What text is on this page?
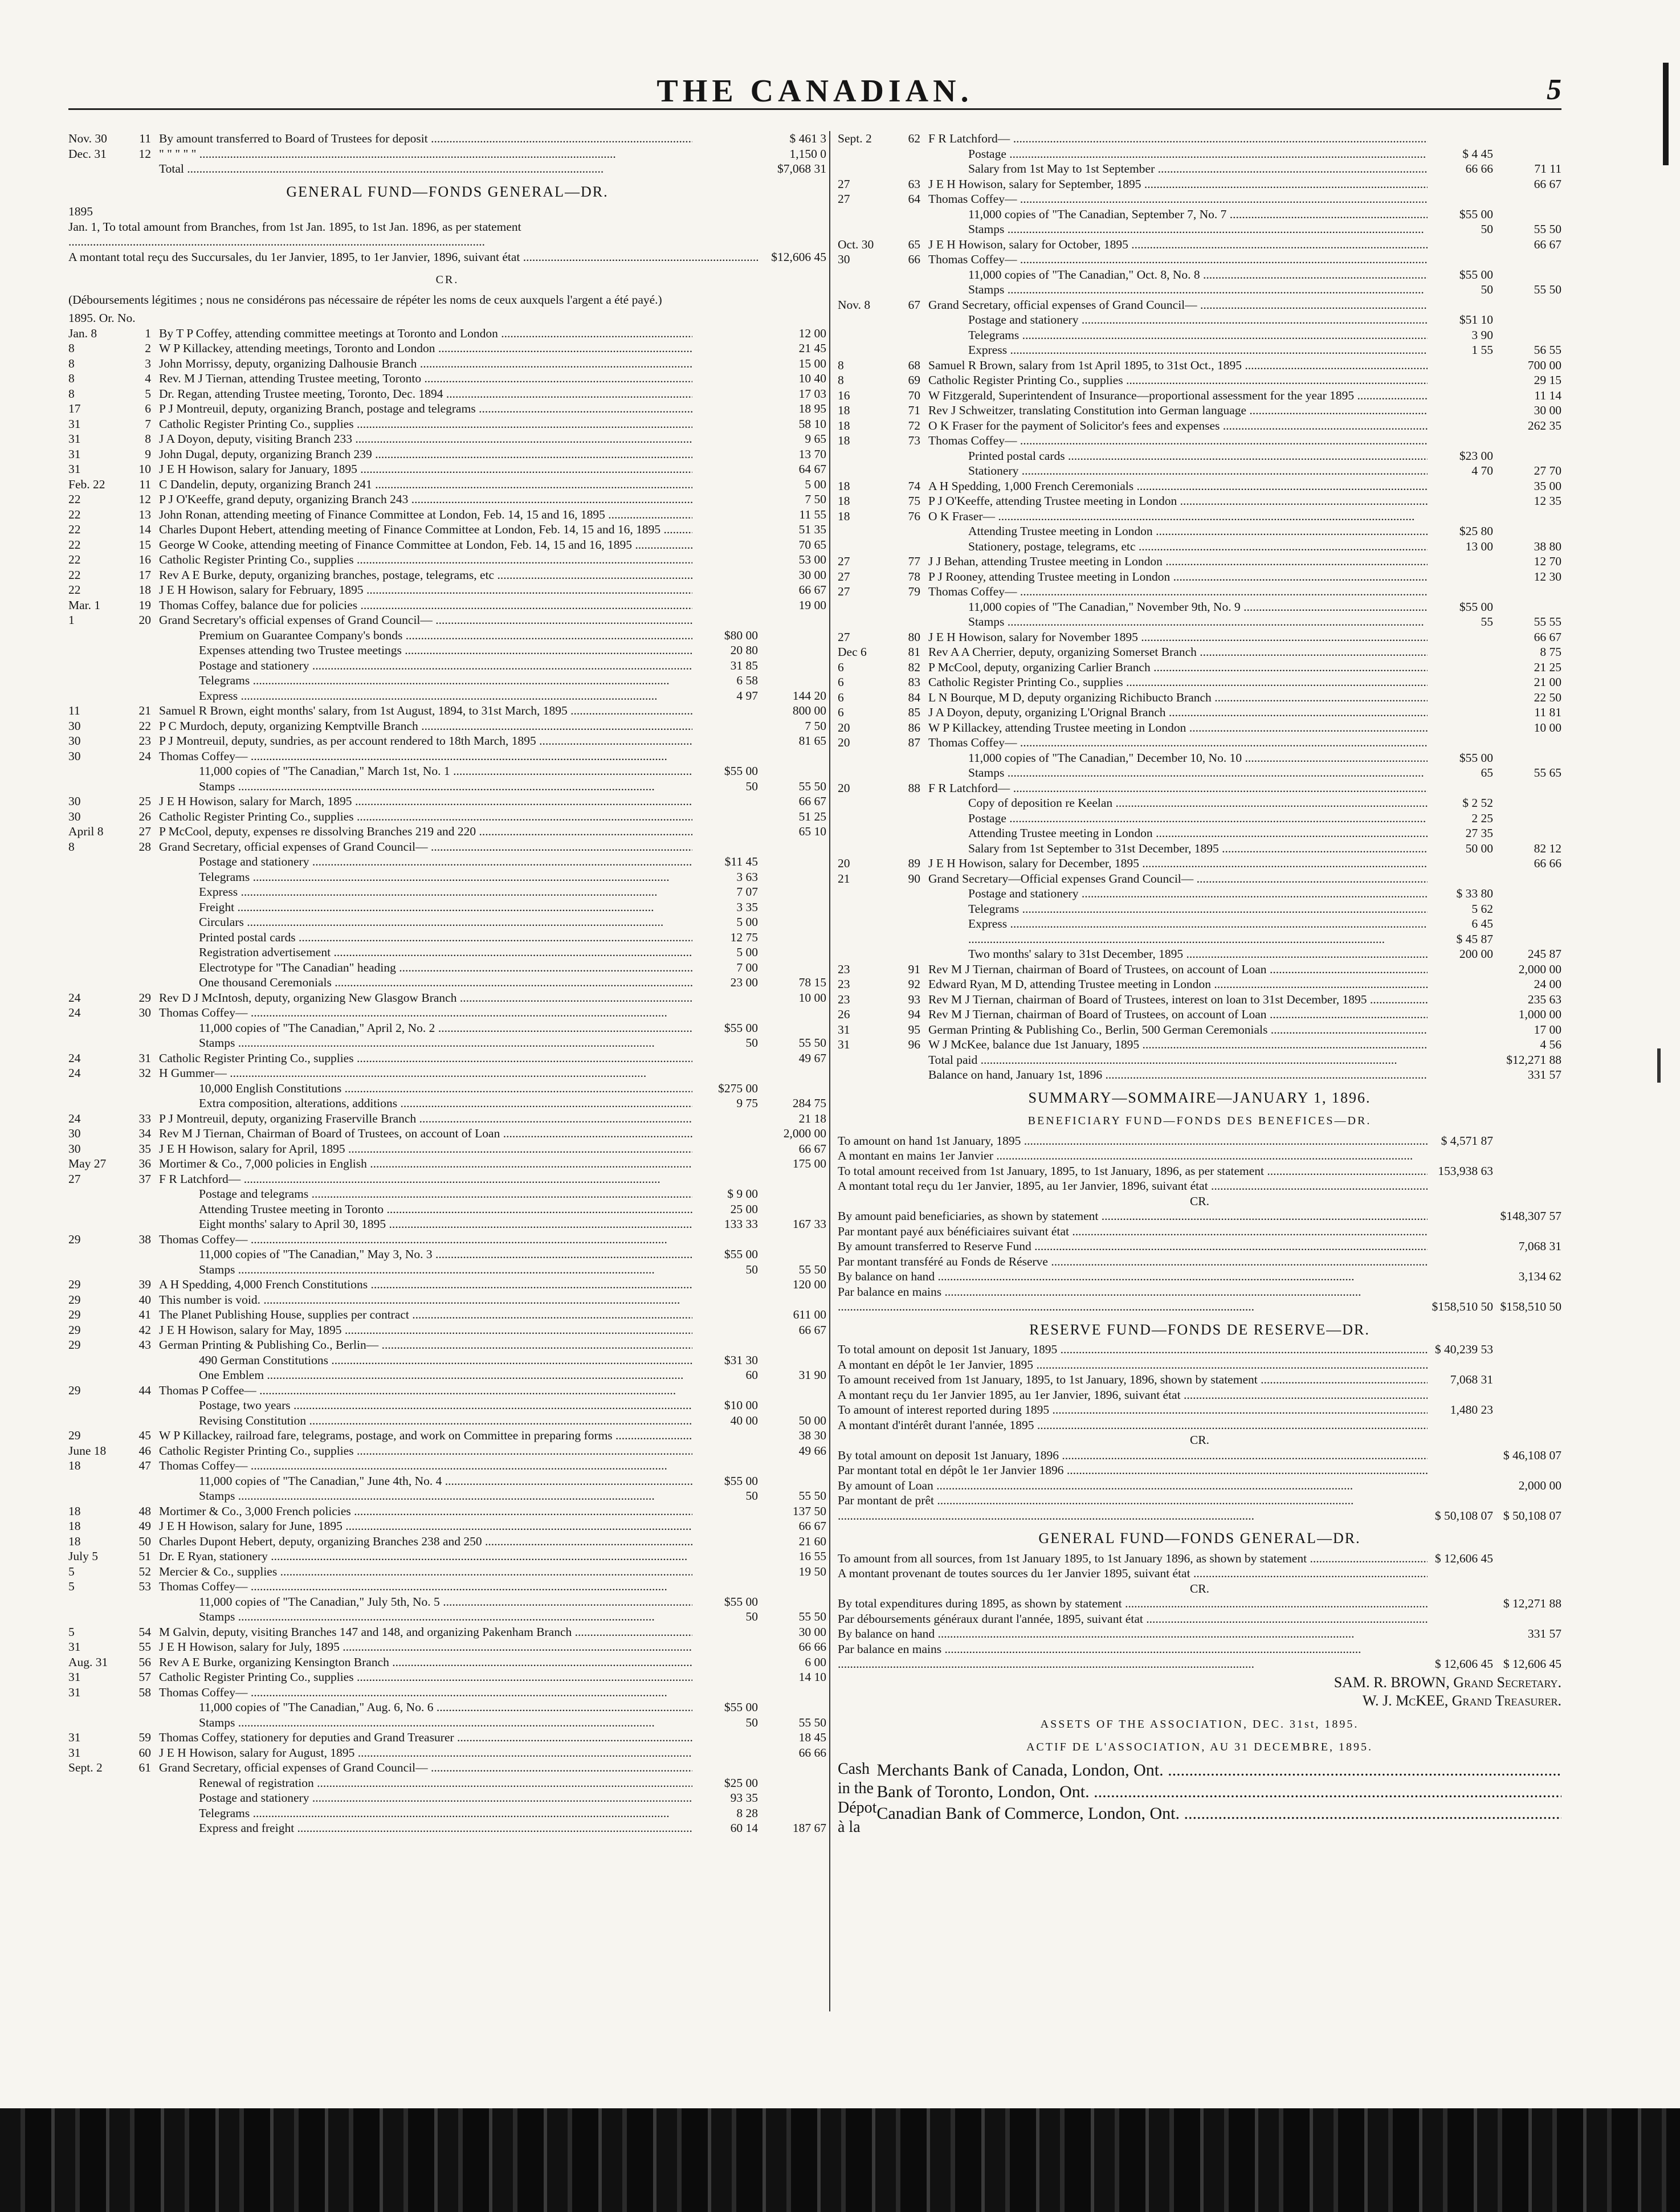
THE CANADIAN.	5
Nov. 30	11 By amount transferred to Board of Trustees for deposit .....	$ 461 3
Dec. 31	12 " " " " " .....	1,150 0
Total .....	$7,068 31
GENERAL FUND—FONDS GENERAL—DR.
1895
Jan. 1, To total amount from Branches, from 1st Jan. 1895, to 1st Jan. 1896, as per statement .....
A montant total reçu des Succursales, du 1er Janvier, 1895, to 1er Janvier, 1896, suivant état .....	$12,606 45
CR.
(Déboursements légitimes ; nous ne considérons pas nécessaire de répéter les noms de ceux auxquels l'argent a été payé.)
1895. Or. No.
Jan. 8	1 By T P Coffey, attending committee meetings at Toronto and London .....	12 00
8	2 W P Killackey, attending meetings, Toronto and London .....	21 45
8	3 John Morrissy, deputy, organizing Dalhousie Branch .....	15 00
8	4 Rev. M J Tiernan, attending Trustee meeting, Toronto .....	10 40
8	5 Dr. Regan, attending Trustee meeting, Toronto, Dec. 1894 .....	17 03
17	6 P J Montreuil, deputy, organizing Branch, postage and telegrams .....	18 95
31	7 Catholic Register Printing Co., supplies .....	58 10
31	8 J A Doyon, deputy, visiting Branch 233 .....	9 65
31	9 John Dugal, deputy, organizing Branch 239 .....	13 70
31	10 J E H Howison, salary for January, 1895 .....	64 67
Feb. 22	11 C Dandelin, deputy, organizing Branch 241 .....	5 00
22	12 P J O'Keeffe, grand deputy, organizing Branch 243 .....	7 50
22	13 John Ronan, attending meeting of Finance Committee at London, Feb. 14, 15 and 16, 1895 .....	11 55
22	14 Charles Dupont Hebert, attending meeting of Finance Committee at London, Feb. 14, 15 and 16, 1895 .....	51 35
22	15 George W Cooke, attending meeting of Finance Committee at London, Feb. 14, 15 and 16, 1895 .....	70 65
22	16 Catholic Register Printing Co., supplies .....	53 00
22	17 Rev A E Burke, deputy, organizing branches, postage, telegrams, etc .....	30 00
22	18 J E H Howison, salary for February, 1895 .....	66 67
Mar. 1	19 Thomas Coffey, balance due for policies .....	19 00
1	20 Grand Secretary's official expenses of Grand Council— .....
Premium on Guarantee Company's bonds .....	$80 00
Expenses attending two Trustee meetings .....	20 80
Postage and stationery .....	31 85
Telegrams .....	6 58
Express .....	4 97	144 20
11	21 Samuel R Brown, eight months' salary, from 1st August, 1894, to 31st March, 1895 .....	800 00
30	22 P C Murdoch, deputy, organizing Kemptville Branch .....	7 50
30	23 P J Montreuil, deputy, sundries, as per account rendered to 18th March, 1895 .....	81 65
30	24 Thomas Coffey— .....
11,000 copies of "The Canadian," March 1st, No. 1 .....	$55 00
Stamps .....	50	55 50
30	25 J E H Howison, salary for March, 1895 .....	66 67
30	26 Catholic Register Printing Co., supplies .....	51 25
April 8	27 P McCool, deputy, expenses re dissolving Branches 219 and 220 .....	65 10
8	28 Grand Secretary, official expenses of Grand Council— .....
Postage and stationery .....	$11 45
Telegrams .....	3 63
Express .....	7 07
Freight .....	3 35
Circulars .....	5 00
Printed postal cards .....	12 75
Registration advertisement .....	5 00
Electrotype for "The Canadian" heading .....	7 00
One thousand Ceremonials .....	23 00	78 15
24	29 Rev D J McIntosh, deputy, organizing New Glasgow Branch .....	10 00
24	30 Thomas Coffey— .....
11,000 copies of "The Canadian," April 2, No. 2 .....	$55 00
Stamps .....	50	55 50
24	31 Catholic Register Printing Co., supplies .....	49 67
24	32 H Gummer— .....
10,000 English Constitutions .....	$275 00
Extra composition, alterations, additions .....	9 75	284 75
24	33 P J Montreuil, deputy, organizing Fraserville Branch .....	21 18
30	34 Rev M J Tiernan, Chairman of Board of Trustees, on account of Loan .....	2,000 00
30	35 J E H Howison, salary for April, 1895 .....	66 67
May 27	36 Mortimer & Co., 7,000 policies in English .....	175 00
27	37 F R Latchford— .....
Postage and telegrams .....	$ 9 00
Attending Trustee meeting in Toronto .....	25 00
Eight months' salary to April 30, 1895 .....	133 33	167 33
29	38 Thomas Coffey— .....
11,000 copies of "The Canadian," May 3, No. 3 .....	$55 00
Stamps .....	50	55 50
29	39 A H Spedding, 4,000 French Constitutions .....	120 00
29	40 This number is void. .....
29	41 The Planet Publishing House, supplies per contract .....	611 00
29	42 J E H Howison, salary for May, 1895 .....	66 67
29	43 German Printing & Publishing Co., Berlin— .....
490 German Constitutions .....	$31 30
One Emblem .....	60	31 90
29	44 Thomas P Coffee— .....
Postage, two years .....	$10 00
Revising Constitution .....	40 00	50 00
29	45 W P Killackey, railroad fare, telegrams, postage, and work on Committee in preparing forms .....	38 30
June 18	46 Catholic Register Printing Co., supplies .....	49 66
18	47 Thomas Coffey— .....
11,000 copies of "The Canadian," June 4th, No. 4 .....	$55 00
Stamps .....	50	55 50
18	48 Mortimer & Co., 3,000 French policies .....	137 50
18	49 J E H Howison, salary for June, 1895 .....	66 67
18	50 Charles Dupont Hebert, deputy, organizing Branches 238 and 250 .....	21 60
July 5	51 Dr. E Ryan, stationery .....	16 55
5	52 Mercier & Co., supplies .....	19 50
5	53 Thomas Coffey— .....
11,000 copies of "The Canadian," July 5th, No. 5 .....	$55 00
Stamps .....	50	55 50
5	54 M Galvin, deputy, visiting Branches 147 and 148, and organizing Pakenham Branch .....	30 00
31	55 J E H Howison, salary for July, 1895 .....	66 66
Aug. 31	56 Rev A E Burke, organizing Kensington Branch .....	6 00
31	57 Catholic Register Printing Co., supplies .....	14 10
31	58 Thomas Coffey— .....
11,000 copies of "The Canadian," Aug. 6, No. 6 .....	$55 00
Stamps .....	50	55 50
31	59 Thomas Coffey, stationery for deputies and Grand Treasurer .....	18 45
31	60 J E H Howison, salary for August, 1895 .....	66 66
Sept. 2	61 Grand Secretary, official expenses of Grand Council— .....
Renewal of registration .....	$25 00
Postage and stationery .....	93 35
Telegrams .....	8 28
Express and freight .....	60 14	187 67
Sept. 2	62 F R Latchford— .....
Postage .....	$ 4 45
Salary from 1st May to 1st September .....	66 66	71 11
27	63 J E H Howison, salary for September, 1895 .....	66 67
27	64 Thomas Coffey— .....
11,000 copies of "The Canadian, September 7, No. 7 .....	$55 00
Stamps .....	50	55 50
Oct. 30	65 J E H Howison, salary for October, 1895 .....	66 67
30	66 Thomas Coffey— .....
11,000 copies of "The Canadian," Oct. 8, No. 8 .....	$55 00
Stamps .....	50	55 50
Nov. 8	67 Grand Secretary, official expenses of Grand Council— .....
Postage and stationery .....	$51 10
Telegrams .....	3 90
Express .....	1 55	56 55
8	68 Samuel R Brown, salary from 1st April 1895, to 31st Oct., 1895 .....	700 00
8	69 Catholic Register Printing Co., supplies .....	29 15
16	70 W Fitzgerald, Superintendent of Insurance—proportional assessment for the year 1895 .....	11 14
18	71 Rev J Schweitzer, translating Constitution into German language .....	30 00
18	72 O K Fraser for the payment of Solicitor's fees and expenses .....	262 35
18	73 Thomas Coffey— .....
Printed postal cards .....	$23 00
Stationery .....	4 70	27 70
18	74 A H Spedding, 1,000 French Ceremonials .....	35 00
18	75 P J O'Keeffe, attending Trustee meeting in London .....	12 35
18	76 O K Fraser— .....
Attending Trustee meeting in London .....	$25 80
Stationery, postage, telegrams, etc .....	13 00	38 80
27	77 J J Behan, attending Trustee meeting in London .....	12 70
27	78 P J Rooney, attending Trustee meeting in London .....	12 30
27	79 Thomas Coffey— .....
11,000 copies of "The Canadian," November 9th, No. 9 .....	$55 00
Stamps .....	55	55 55
27	80 J E H Howison, salary for November 1895 .....	66 67
Dec 6	81 Rev A A Cherrier, deputy, organizing Somerset Branch .....	8 75
6	82 P McCool, deputy, organizing Carlier Branch .....	21 25
6	83 Catholic Register Printing Co., supplies .....	21 00
6	84 L N Bourque, M D, deputy organizing Richibucto Branch .....	22 50
6	85 J A Doyon, deputy, organizing L'Orignal Branch .....	11 81
20	86 W P Killackey, attending Trustee meeting in London .....	10 00
20	87 Thomas Coffey— .....
11,000 copies of "The Canadian," December 10, No. 10 .....	$55 00
Stamps .....	65	55 65
20	88 F R Latchford— .....
Copy of deposition re Keelan .....	$ 2 52
Postage .....	2 25
Attending Trustee meeting in London .....	27 35
Salary from 1st September to 31st December, 1895 .....	50 00	82 12
20	89 J E H Howison, salary for December, 1895 .....	66 66
21	90 Grand Secretary—Official expenses Grand Council— .....
Postage and stationery .....	$ 33 80
Telegrams .....	5 62
Express .....	6 45
.....
$ 45 87
Two months' salary to 31st December, 1895 .....	200 00	245 87
23	91 Rev M J Tiernan, chairman of Board of Trustees, on account of Loan .....	2,000 00
23	92 Edward Ryan, M D, attending Trustee meeting in London .....	24 00
23	93 Rev M J Tiernan, chairman of Board of Trustees, interest on loan to 31st December, 1895 .....	235 63
26	94 Rev M J Tiernan, chairman of Board of Trustees, on account of Loan .....	1,000 00
31	95 German Printing & Publishing Co., Berlin, 500 German Ceremonials .....	17 00
31	96 W J McKee, balance due 1st January, 1895 .....	4 56
Total paid .....	$12,271 88
Balance on hand, January 1st, 1896 .....	331 57
SUMMARY—SOMMAIRE—JANUARY 1, 1896.
BENEFICIARY FUND—FONDS DES BENEFICES—DR.
To amount on hand 1st January, 1895 .....	$ 4,571 87
A montant en mains 1er Janvier .....
To total amount received from 1st January, 1895, to 1st January, 1896, as per statement .....	153,938 63
A montant total reçu du 1er Janvier, 1895, au 1er Janvier, 1896, suivant état .....
CR.
By amount paid beneficiaries, as shown by statement .....	$148,307 57
Par montant payé aux bénéficiaires suivant état .....
By amount transferred to Reserve Fund .....	7,068 31
Par montant transféré au Fonds de Réserve .....
By balance on hand .....	3,134 62
Par balance en mains .....
.....
$158,510 50 $158,510 50
RESERVE FUND—FONDS DE RESERVE—DR.
To total amount on deposit 1st January, 1895 .....	$ 40,239 53
A montant en dépôt le 1er Janvier, 1895 .....
To amount received from 1st January, 1895, to 1st January, 1896, shown by statement .....	7,068 31
A montant reçu du 1er Janvier 1895, au 1er Janvier, 1896, suivant état .....
To amount of interest reported during 1895 .....	1,480 23
A montant d'intérêt durant l'année, 1895 .....
CR.
By total amount on deposit 1st January, 1896 .....	$ 46,108 07
Par montant total en dépôt le 1er Janvier 1896 .....
By amount of Loan .....	2,000 00
Par montant de prêt .....
.....
$ 50,108 07 $ 50,108 07
GENERAL FUND—FONDS GENERAL—DR.
To amount from all sources, from 1st January 1895, to 1st January 1896, as shown by statement .....	$ 12,606 45
A montant provenant de toutes sources du 1er Janvier 1895, suivant état .....
CR.
By total expenditures during 1895, as shown by statement .....	$ 12,271 88
Par déboursements généraux durant l'année, 1895, suivant état .....
By balance on hand .....	331 57
Par balance en mains .....
.....
$ 12,606 45 $ 12,606 45
SAM. R. BROWN, Grand Secretary.
W. J. McKEE, Grand Treasurer.
ASSETS OF THE ASSOCIATION, DEC. 31st, 1895.
ACTIF DE L'ASSOCIATION, AU 31 DECEMBRE, 1895.
Cash in the Dépot à la
Merchants Bank of Canada, London, Ont. .....
Bank of Toronto, London, Ont. .....
Canadian Bank of Commerce, London, Ont. .....
